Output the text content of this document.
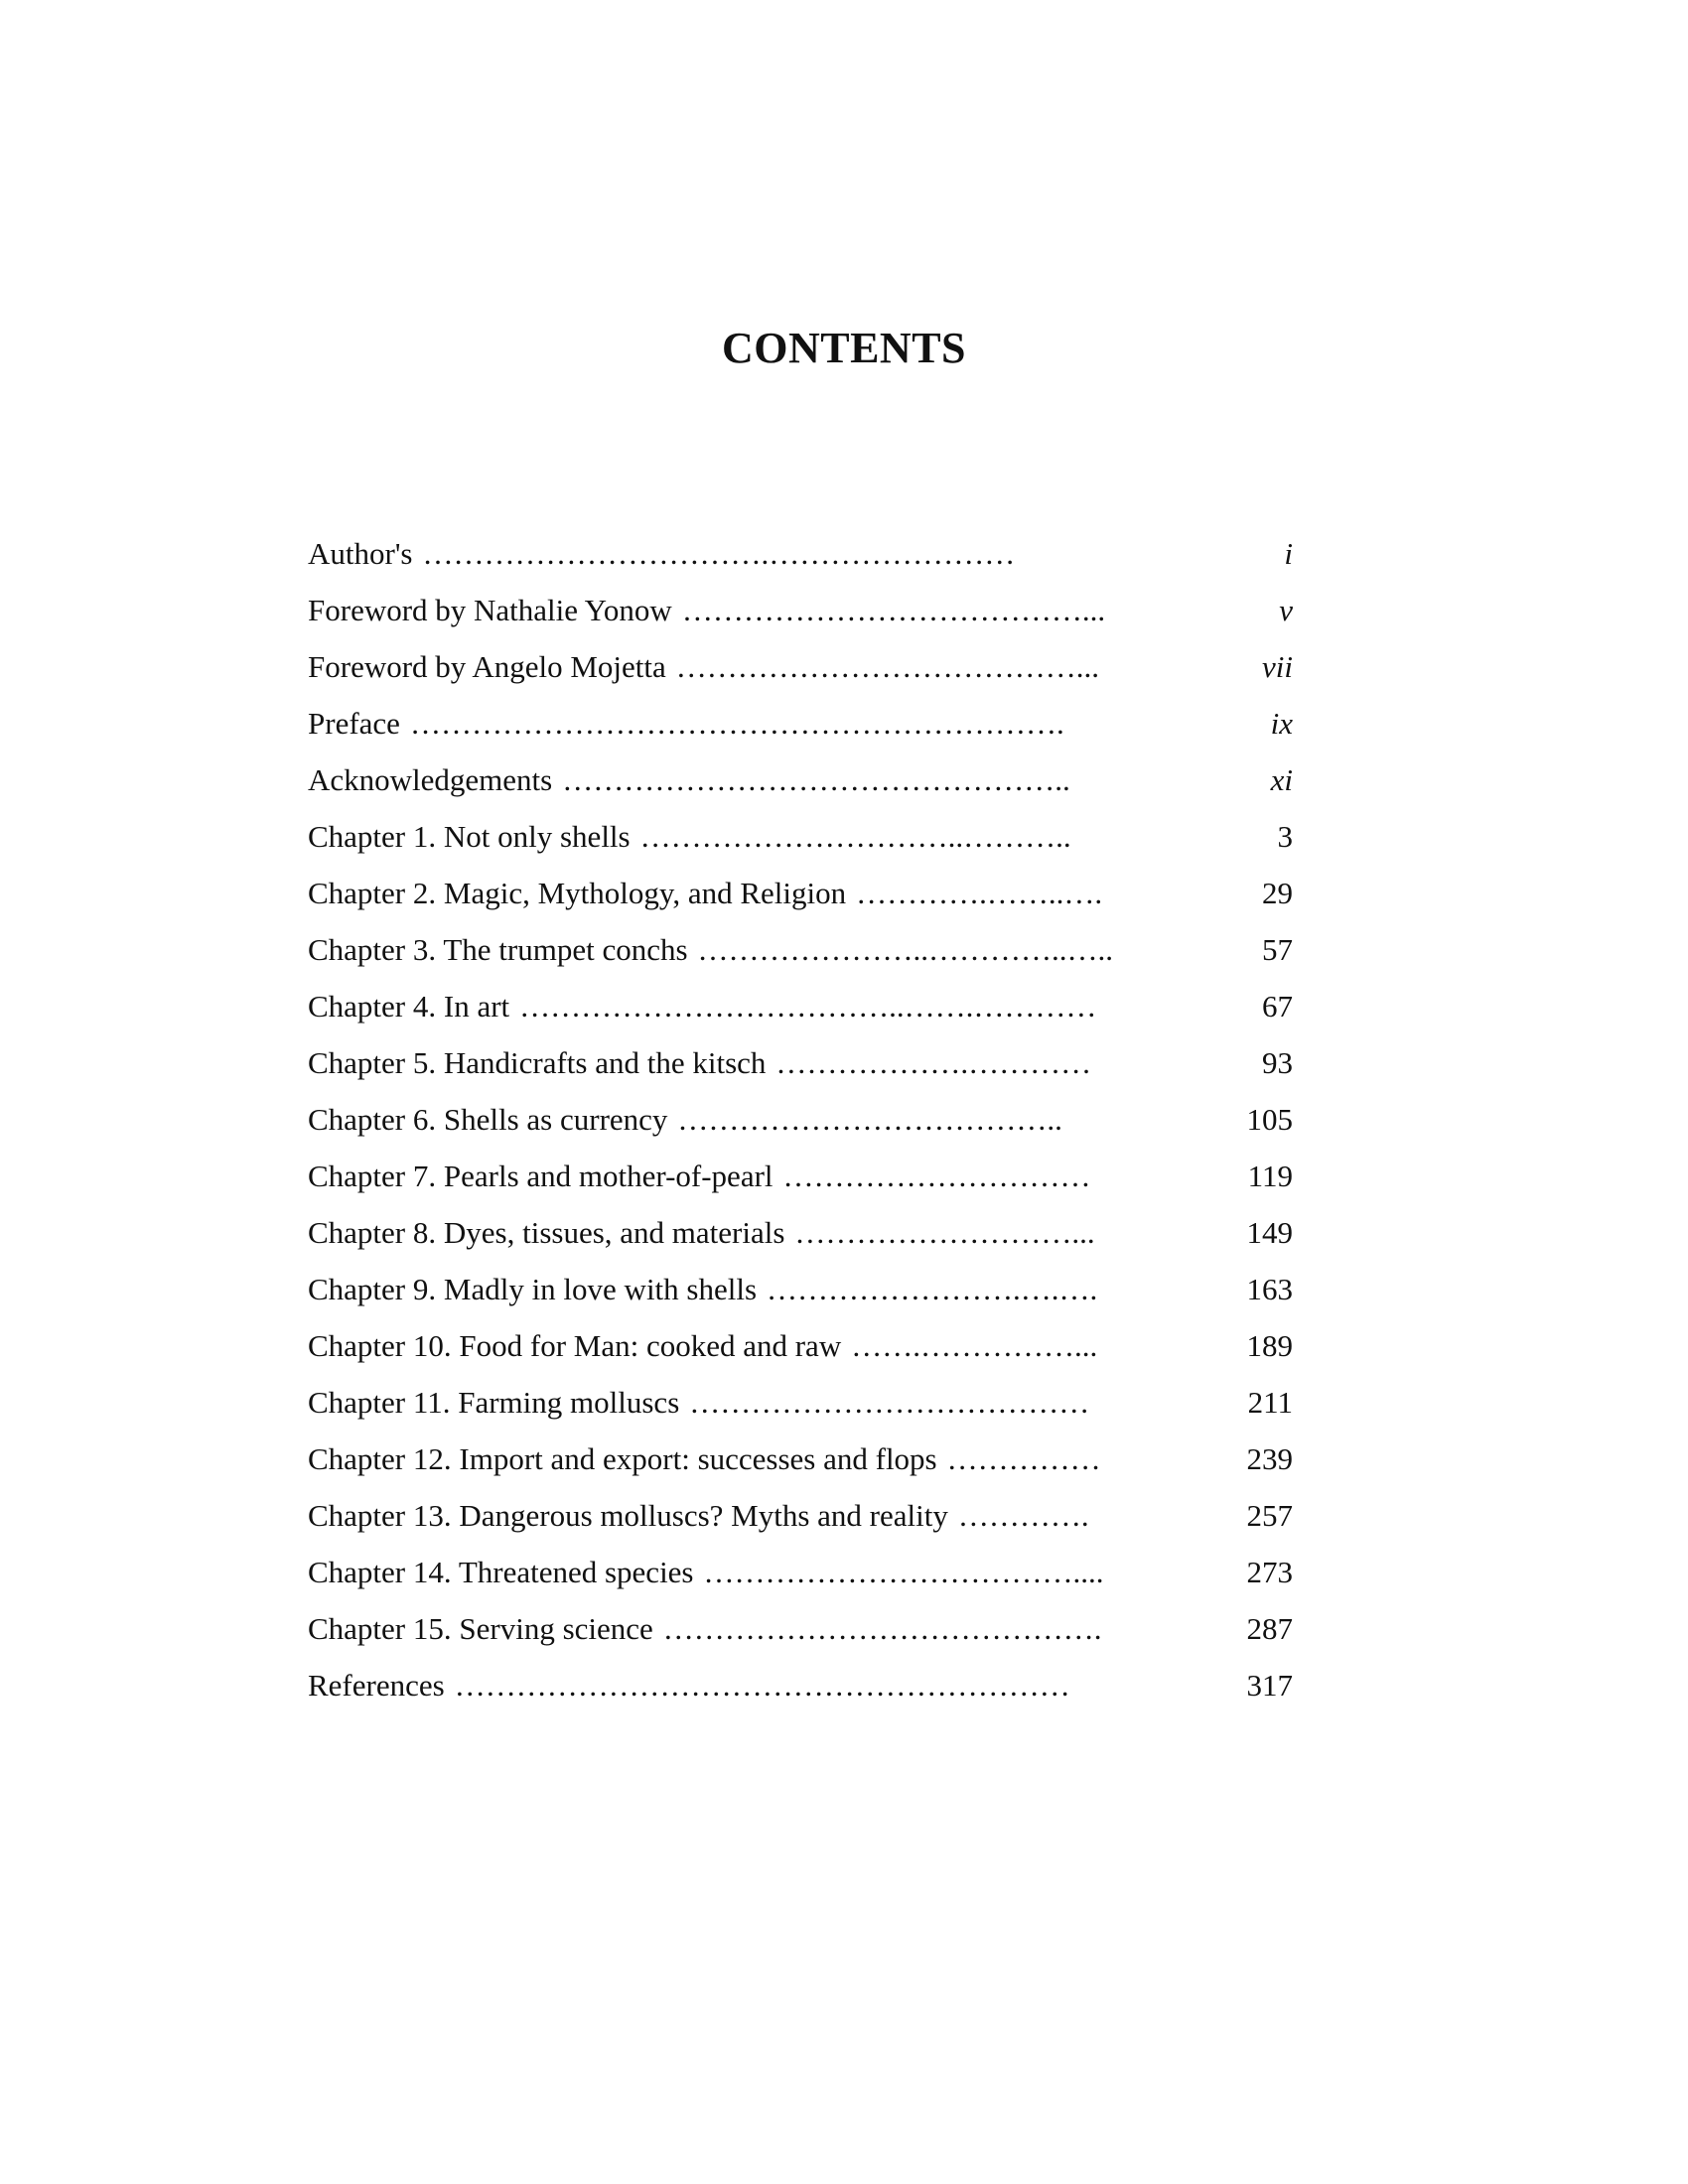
CONTENTS
Author's …………………………….……………………	i
Foreword by Nathalie Yonow …………………………………...	v
Foreword by Angelo Mojetta …………………………………...	vii
Preface ……………………………………………………….	ix
Acknowledgements …………………………………………..	xi
Chapter 1. Not only shells …………………………..………..	3
Chapter 2. Magic, Mythology, and Religion ………….……..….	29
Chapter 3. The trumpet conchs …………………..…………..…..	57
Chapter 4. In art ………………………………..…….…………	67
Chapter 5. Handicrafts and the kitsch ……………….…………	93
Chapter 6. Shells as currency ………………………………..	105
Chapter 7. Pearls and mother-of-pearl …………………………	119
Chapter 8. Dyes, tissues, and materials ………………………...	149
Chapter 9. Madly in love with shells …………………….….….	163
Chapter 10. Food for Man: cooked and raw …….……………...	189
Chapter 11. Farming molluscs …………………………………	211
Chapter 12. Import and export: successes and flops ……………	239
Chapter 13. Dangerous molluscs? Myths and reality ………….	257
Chapter 14. Threatened species ………………………………....	273
Chapter 15. Serving science …………………………………….	287
References ……………………………………………………	317
